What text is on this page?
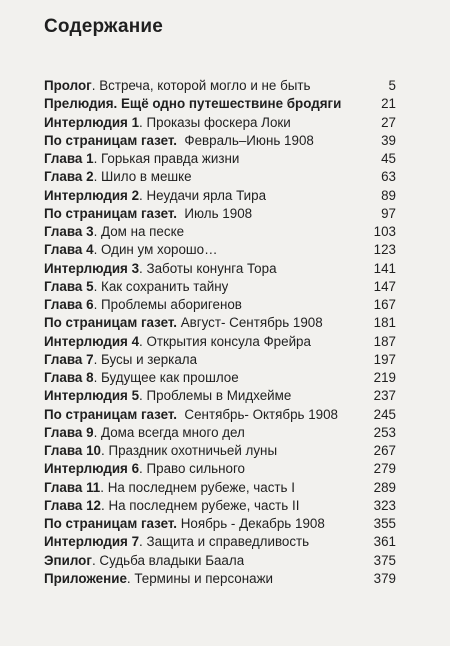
Содержание
Пролог. Встреча, которой могло и не быть	5
Прелюдия. Ещё одно путешествине бродяги	21
Интерлюдия 1. Проказы фоскера Локи	27
По страницам газет.  Февраль–Июнь 1908	39
Глава 1. Горькая правда жизни	45
Глава 2. Шило в мешке	63
Интерлюдия 2. Неудачи ярла Тира	89
По страницам газет.  Июль 1908	97
Глава 3. Дом на песке	103
Глава 4. Один ум хорошо…	123
Интерлюдия 3. Заботы конунга Тора	141
Глава 5. Как сохранить тайну	147
Глава 6. Проблемы аборигенов	167
По страницам газет. Август- Сентябрь 1908	181
Интерлюдия 4. Открытия консула Фрейра	187
Глава 7. Бусы и зеркала	197
Глава 8. Будущее как прошлое	219
Интерлюдия 5. Проблемы в Мидхейме	237
По страницам газет.  Сентябрь- Октябрь 1908	245
Глава 9. Дома всегда много дел	253
Глава 10. Праздник охотничьей луны	267
Интерлюдия 6. Право сильного	279
Глава 11. На последнем рубеже, часть I	289
Глава 12. На последнем рубеже, часть II	323
По страницам газет. Ноябрь - Декабрь 1908	355
Интерлюдия 7. Защита и справедливость	361
Эпилог. Судьба владыки Баала	375
Приложение. Термины и персонажи	379
